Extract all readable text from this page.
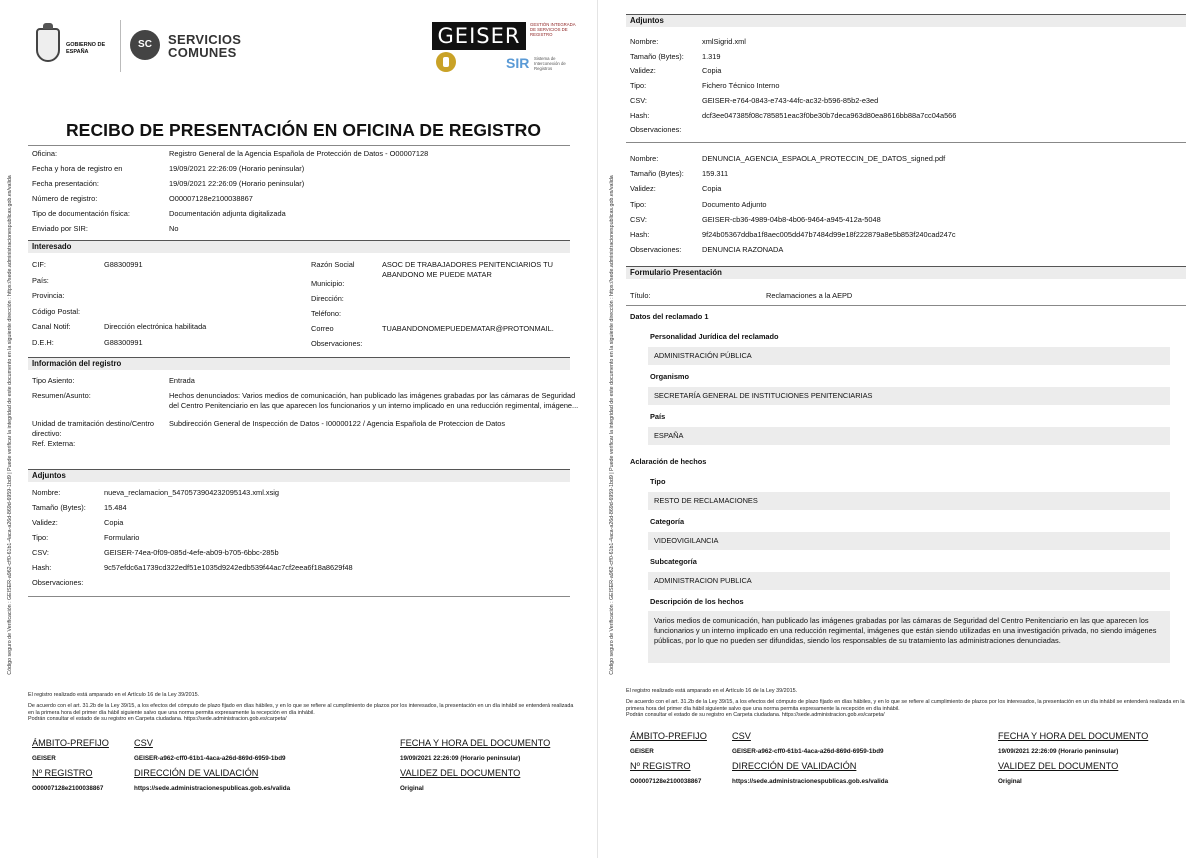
Código seguro de Verificación : GEISER-a962-cff0-61b1-4aca-a26d-869d-6959-1bd9 | Puede verificar la integridad de este documento en la siguiente dirección : https://sede.administracionespublicas.gob.es/valida
GOBIERNO DE ESPAÑA
SC	SERVICIOS
COMUNES
GEISER	GESTIÓN INTEGRADA DE SERVICIOS DE REGISTRO
SIR Sistema de Interconexión de Registros
RECIBO DE PRESENTACIÓN EN OFICINA DE REGISTRO
Oficina:	Registro General de la Agencia Española de Protección de Datos - O00007128
Fecha y hora de registro en	19/09/2021 22:26:09 (Horario peninsular)
Fecha presentación:	19/09/2021 22:26:09 (Horario peninsular)
Número de registro:	O00007128e2100038867
Tipo de documentación física:	Documentación adjunta digitalizada
Enviado por SIR:	No
Interesado
CIF:	G88300991
País:
Provincia:
Código Postal:
Canal Notif:	Dirección electrónica habilitada
D.E.H:	G88300991
Razón Social	ASOC DE TRABAJADORES PENITENCIARIOS TU ABANDONO ME PUEDE MATAR
Municipio:
Dirección:
Teléfono:
Correo	TUABANDONOMEPUEDEMATAR@PROTONMAIL.
Observaciones:
Información del registro
Tipo Asiento:	Entrada
Resumen/Asunto:	Hechos denunciados: Varios medios de comunicación, han publicado las imágenes grabadas por las cámaras de Seguridad del Centro Penitenciario en las que aparecen los funcionarios y un interno implicado en una reducción regimental, imágene...
Unidad de tramitación destino/Centro directivo:
Subdirección General de Inspección de Datos - I00000122 / Agencia Española de Proteccion de Datos
Ref. Externa:
Adjuntos
Nombre:	nueva_reclamacion_5470573904232095143.xml.xsig
Tamaño (Bytes): 15.484
Validez:	Copia
Tipo:	Formulario
CSV:	GEISER-74ea-0f09-085d-4efe-ab09-b705-6bbc-285b
Hash:	9c57efdc6a1739cd322edf51e1035d9242edb539f44ac7cf2eea6f18a8629f48
Observaciones:
El registro realizado está amparado en el Artículo 16 de la Ley 39/2015.
De acuerdo con el art. 31.2b de la Ley 39/15, a los efectos del cómputo de plazo fijado en días hábiles, y en lo que se refiere al cumplimiento de plazos por los interesados, la presentación en un día inhábil se entenderá realizada en la primera hora del primer día hábil siguiente salvo que una norma permita expresamente la recepción en día inhábil.
Podrán consultar el estado de su registro en Carpeta ciudadana. https://sede.administracion.gob.es/carpeta/
ÁMBITO-PREFIJO
GEISER
CSV
GEISER-a962-cff0-61b1-4aca-a26d-869d-6959-1bd9
FECHA Y HORA DEL DOCUMENTO
19/09/2021 22:26:09 (Horario peninsular)
Nº REGISTRO
O00007128e2100038867
DIRECCIÓN DE VALIDACIÓN
https://sede.administracionespublicas.gob.es/valida
VALIDEZ DEL DOCUMENTO
Original
Código seguro de Verificación : GEISER-a962-cff0-61b1-4aca-a26d-869d-6959-1bd9 | Puede verificar la integridad de este documento en la siguiente dirección : https://sede.administracionespublicas.gob.es/valida
Adjuntos
Nombre:	xmlSigrid.xml
Tamaño (Bytes): 1.319
Validez:	Copia
Tipo:	Fichero Técnico Interno
CSV:	GEISER-e764-0843-e743-44fc-ac32-b596-85b2-e3ed
Hash:	dcf3ee047385f08c785851eac3f0be30b7deca963d80ea8616bb88a7cc04a566
Observaciones:
Nombre:	DENUNCIA_AGENCIA_ESPAOLA_PROTECCIN_DE_DATOS_signed.pdf
Tamaño (Bytes): 159.311
Validez:	Copia
Tipo:	Documento Adjunto
CSV:	GEISER-cb36-4989-04b8-4b06-9464-a945-412a-5048
Hash:	9f24b05367ddba1f8aec005dd47b7484d99e18f222879a8e5b853f240cad247c
Observaciones:	DENUNCIA RAZONADA
Formulario Presentación
Título:	Reclamaciones a la AEPD
Datos del reclamado 1
Personalidad Jurídica del reclamado
ADMINISTRACIÓN PÚBLICA
Organismo
SECRETARÍA GENERAL DE INSTITUCIONES PENITENCIARIAS
País
ESPAÑA
Aclaración de hechos
Tipo
RESTO DE RECLAMACIONES
Categoría
VIDEOVIGILANCIA
Subcategoría
ADMINISTRACION PUBLICA
Descripción de los hechos
Varios medios de comunicación, han publicado las imágenes grabadas por las cámaras de Seguridad del Centro Penitenciario en las que aparecen los funcionarios y un interno implicado en una reducción regimental, imágenes que están siendo utilizadas en una investigación privada, no siendo imágenes públicas, por lo que no pueden ser difundidas, siendo los responsables de su tratamiento las administraciones denunciadas.
El registro realizado está amparado en el Artículo 16 de la Ley 39/2015.
De acuerdo con el art. 31.2b de la Ley 39/15, a los efectos del cómputo de plazo fijado en días hábiles, y en lo que se refiere al cumplimiento de plazos por los interesados, la presentación en un día inhábil se entenderá realizada en la primera hora del primer día hábil siguiente salvo que una norma permita expresamente la recepción en día inhábil.
Podrán consultar el estado de su registro en Carpeta ciudadana. https://sede.administracion.gob.es/carpeta/
ÁMBITO-PREFIJO
GEISER
CSV
GEISER-a962-cff0-61b1-4aca-a26d-869d-6959-1bd9
FECHA Y HORA DEL DOCUMENTO
19/09/2021 22:26:09 (Horario peninsular)
Nº REGISTRO
O00007128e2100038867
DIRECCIÓN DE VALIDACIÓN
https://sede.administracionespublicas.gob.es/valida
VALIDEZ DEL DOCUMENTO
Original
